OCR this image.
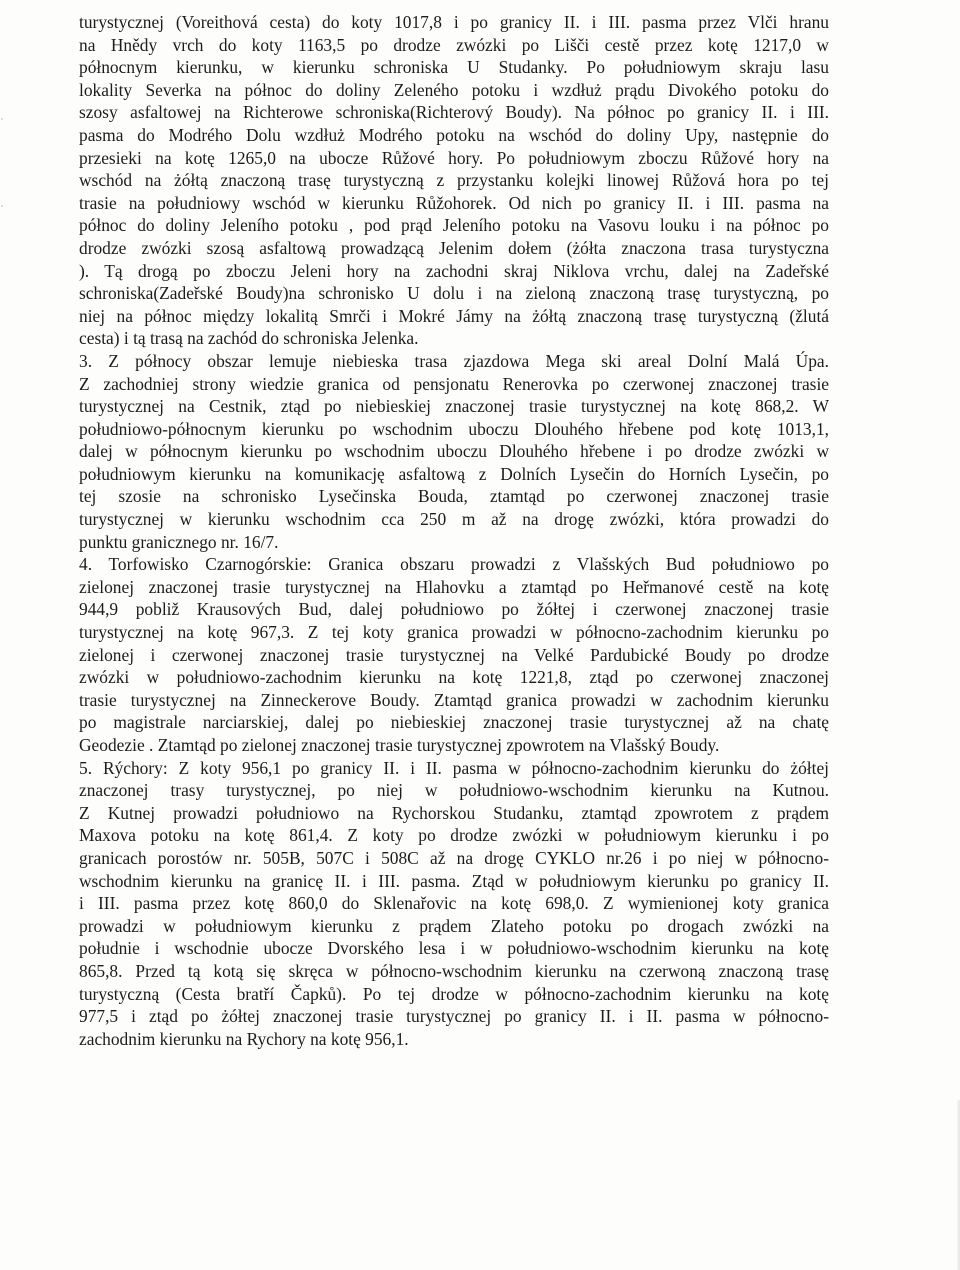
turystycznej (Voreithová cesta) do koty 1017,8 i po granicy II. i III. pasma przez Vlči hranu
na Hnědy vrch do koty 1163,5 po drodze zwózki po Lišči cestě przez kotę 1217,0 w
północnym kierunku, w kierunku schroniska U Studanky. Po południowym skraju lasu
lokality Severka na północ do doliny Zeleného potoku i wzdłuż prądu Divokého potoku do
szosy asfaltowej na Richterowe schroniska(Richterový Boudy). Na północ po granicy II. i III.
pasma do Modrého Dolu wzdłuż Modrého potoku na wschód do doliny Upy, następnie do
przesieki na kotę 1265,0 na ubocze Růžové hory. Po południowym zboczu Růžové hory na
wschód na żółtą znaczoną trasę turystyczną z przystanku kolejki linowej Růžová hora po tej
trasie na południowy wschód w kierunku Růžohorek. Od nich po granicy II. i III. pasma na
północ do doliny Jeleního potoku , pod prąd Jeleního potoku na Vasovu louku i na północ po
drodze zwózki szosą asfaltową prowadzącą Jelenim dołem (żółta znaczona trasa turystyczna
). Tą drogą po zboczu Jeleni hory na zachodni skraj Niklova vrchu, dalej na Zadeřské
schroniska(Zadeřské Boudy)na schronisko U dolu i na zieloną znaczoną trasę turystyczną, po
niej na północ między lokalitą Smrči i Mokré Jámy na żółtą znaczoną trasę turystyczną (žlutá
cesta) i tą trasą na zachód do schroniska Jelenka.
3. Z północy obszar lemuje niebieska trasa zjazdowa Mega ski areal Dolní Malá Úpa.
Z zachodniej strony wiedzie granica od pensjonatu Renerovka po czerwonej znaczonej trasie
turystycznej na Cestnik, ztąd po niebieskiej znaczonej trasie turystycznej na kotę 868,2. W
południowo-północnym kierunku po wschodnim uboczu Dlouhého hřebene pod kotę 1013,1,
dalej w północnym kierunku po wschodnim uboczu Dlouhého hřebene i po drodze zwózki w
południowym kierunku na komunikację asfaltową z Dolních Lysečin do Horních Lysečin, po
tej szosie na schronisko Lysečinska Bouda, ztamtąd po czerwonej znaczonej trasie
turystycznej w kierunku wschodnim cca 250 m až na drogę zwózki, która prowadzi do
punktu granicznego nr. 16/7.
4. Torfowisko Czarnogórskie: Granica obszaru prowadzi z Vlašských Bud południowo po
zielonej znaczonej trasie turystycznej na Hlahovku a ztamtąd po Heřmanové cestě na kotę
944,9 pobliž Krausových Bud, dalej południowo po žółtej i czerwonej znaczonej trasie
turystycznej na kotę 967,3. Z tej koty granica prowadzi w północno-zachodnim kierunku po
zielonej i czerwonej znaczonej trasie turystycznej na Velké Pardubické Boudy po drodze
zwózki w południowo-zachodnim kierunku na kotę 1221,8, ztąd po czerwonej znaczonej
trasie turystycznej na Zinneckerove Boudy. Ztamtąd granica prowadzi w zachodnim kierunku
po magistrale narciarskiej, dalej po niebieskiej znaczonej trasie turystycznej až na chatę
Geodezie . Ztamtąd po zielonej znaczonej trasie turystycznej zpowrotem na Vlašský Boudy.
5. Rýchory: Z koty 956,1 po granicy II. i II. pasma w północno-zachodnim kierunku do żółtej
znaczonej trasy turystycznej, po niej w południowo-wschodnim kierunku na Kutnou.
Z Kutnej prowadzi południowo na Rychorskou Studanku, ztamtąd zpowrotem z prądem
Maxova potoku na kotę 861,4. Z koty po drodze zwózki w południowym kierunku i po
granicach porostów nr. 505B, 507C i 508C až na drogę CYKLO nr.26 i po niej w północno-
wschodnim kierunku na granicę II. i III. pasma. Ztąd w południowym kierunku po granicy II.
i III. pasma przez kotę 860,0 do Sklenařovic na kotę 698,0. Z wymienionej koty granica
prowadzi w południowym kierunku z prądem Zlateho potoku po drogach zwózki na
południe i wschodnie ubocze Dvorského lesa i w południowo-wschodnim kierunku na kotę
865,8. Przed tą kotą się skręca w północno-wschodnim kierunku na czerwoną znaczoną trasę
turystyczną (Cesta bratří Čapků). Po tej drodze w północno-zachodnim kierunku na kotę
977,5 i ztąd po żółtej znaczonej trasie turystycznej po granicy II. i II. pasma w północno-
zachodnim kierunku na Rychory na kotę 956,1.
